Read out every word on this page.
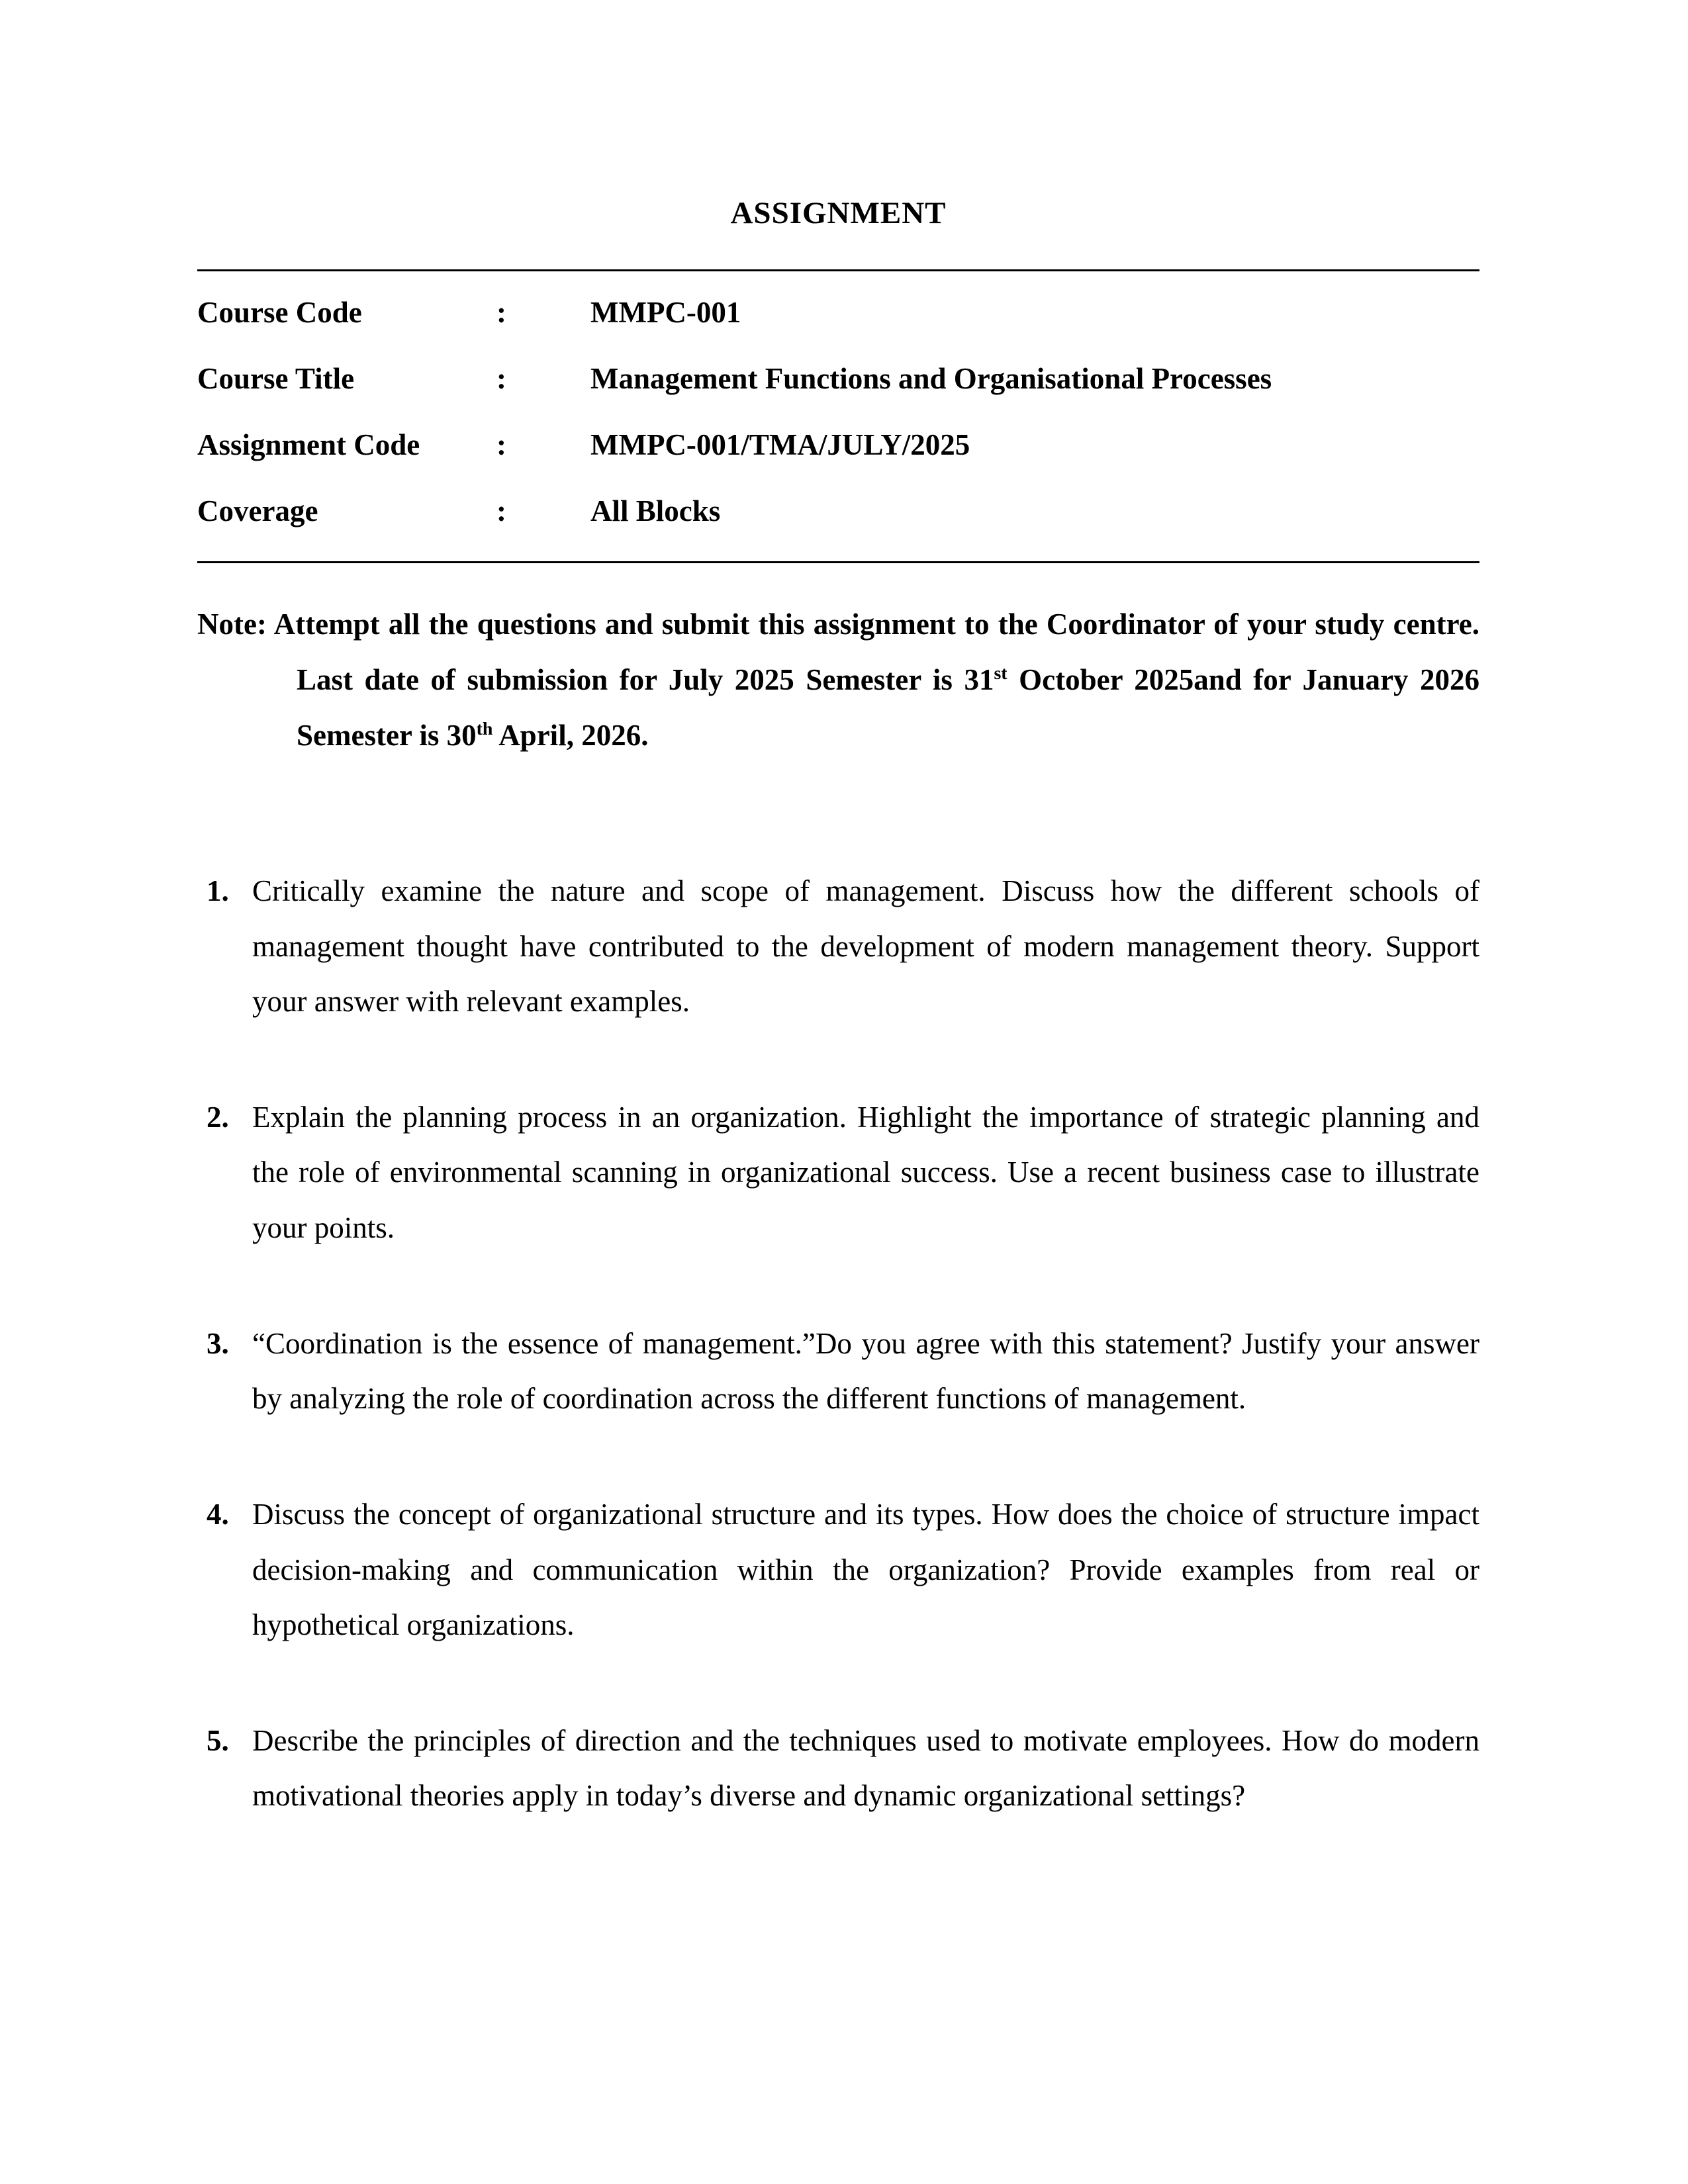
ASSIGNMENT
Course Code	:	MMPC-001
Course Title	:	Management Functions and Organisational Processes
Assignment Code	:	MMPC-001/TMA/JULY/2025
Coverage	:	All Blocks

Note: Attempt all the questions and submit this assignment to the Coordinator of your study centre. Last date of submission for July 2025 Semester is 31st October 2025and for January 2026 Semester is 30th April, 2026.

1. Critically examine the nature and scope of management. Discuss how the different schools of management thought have contributed to the development of modern management theory. Support your answer with relevant examples.
2. Explain the planning process in an organization. Highlight the importance of strategic planning and the role of environmental scanning in organizational success. Use a recent business case to illustrate your points.
3. “Coordination is the essence of management.”Do you agree with this statement? Justify your answer by analyzing the role of coordination across the different functions of management.
4. Discuss the concept of organizational structure and its types. How does the choice of structure impact decision-making and communication within the organization? Provide examples from real or hypothetical organizations.
5. Describe the principles of direction and the techniques used to motivate employees. How do modern motivational theories apply in today’s diverse and dynamic organizational settings?
